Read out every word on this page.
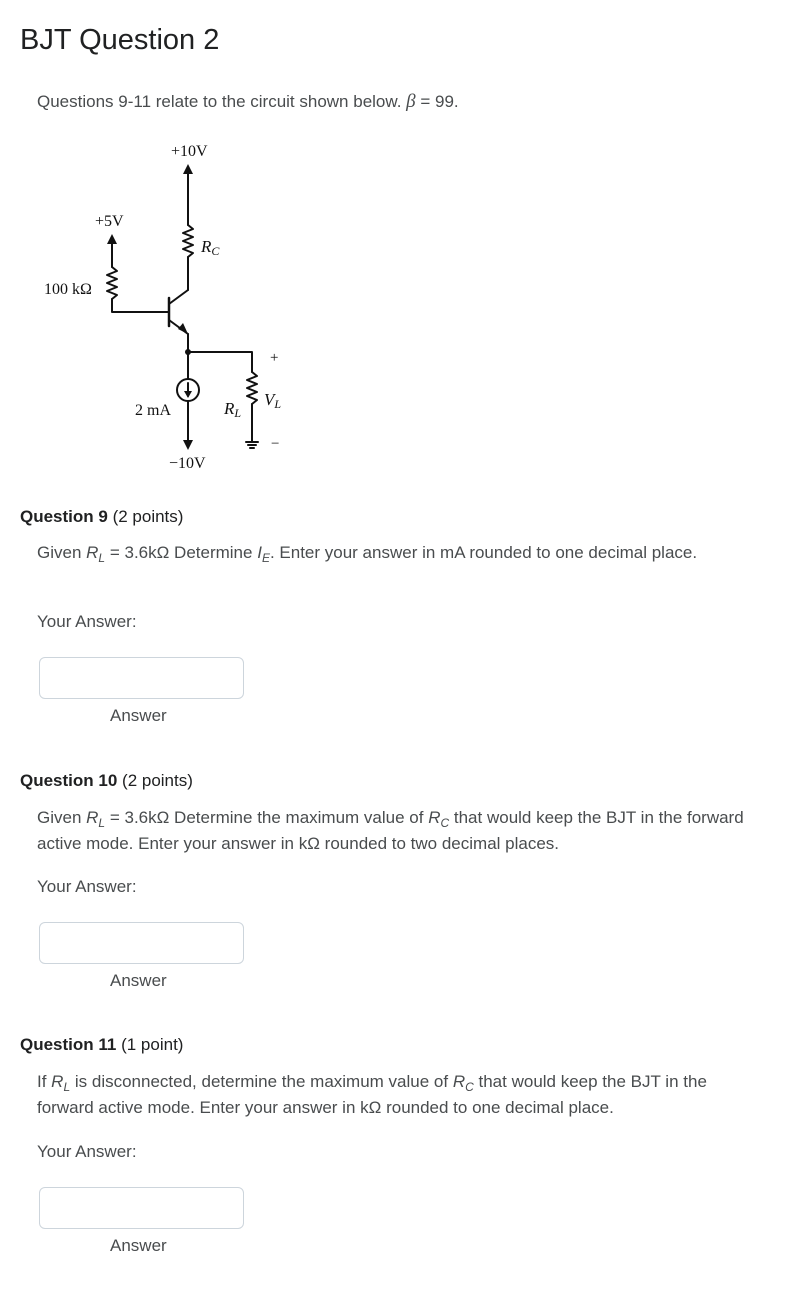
BJT Question 2
Questions 9-11 relate to the circuit shown below. β = 99.
+10V
+5V
100 kΩ
RC
RL
VL
+
−
2 mA
−10V
Question 9 (2 points)
Given $R_L = 3.6k\Omega$ Determine $I_E$. Enter your answer in mA rounded to one decimal place.
Your Answer:
Answer
Question 10 (2 points)
Given $R_L = 3.6k\Omega$ Determine the maximum value of $R_C$ that would keep the BJT in the forward active mode. Enter your answer in kΩ rounded to two decimal places.
Your Answer:
Answer
Question 11 (1 point)
If $R_L$ is disconnected, determine the maximum value of $R_C$ that would keep the BJT in the forward active mode. Enter your answer in kΩ rounded to one decimal place.
Your Answer:
Answer
